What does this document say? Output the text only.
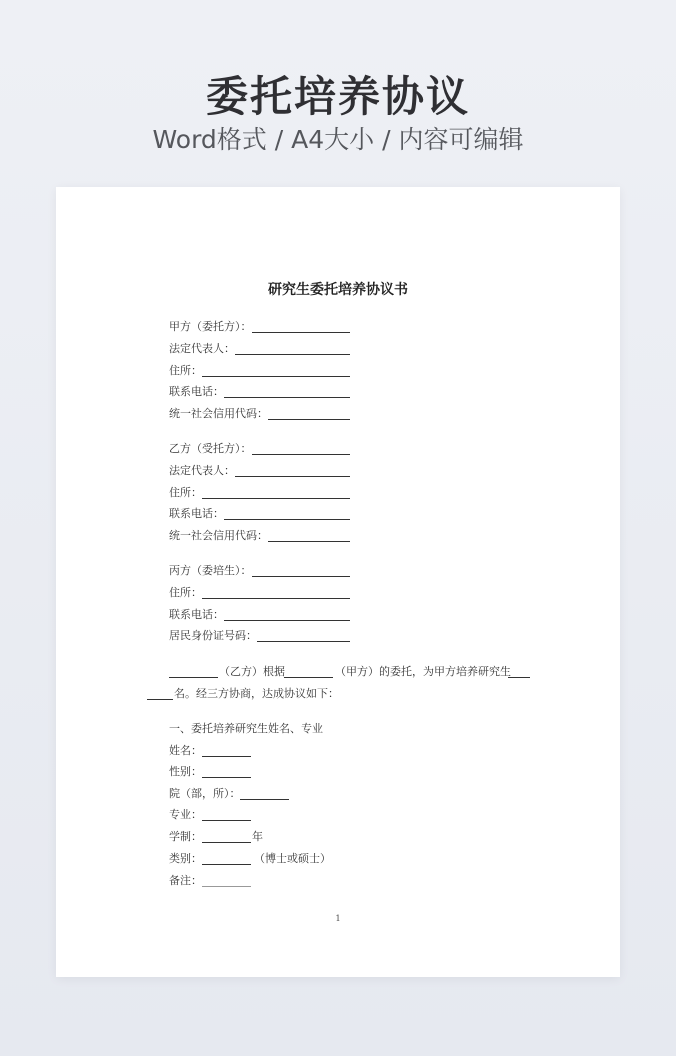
委托培养协议
Word格式 / A4大小 / 内容可编辑
研究生委托培养协议书
甲方（委托方）：
法定代表人：
住所：
联系电话：
统一社会信用代码：
乙方（受托方）：
法定代表人：
住所：
联系电话：
统一社会信用代码：
丙方（委培生）：
住所：
联系电话：
居民身份证号码：
（乙方）根据	（甲方）的委托，为甲方培养研究生
名。经三方协商，达成协议如下：
一、委托培养研究生姓名、专业
姓名：
性别：
院（部，所）：
专业：
学制：	年
类别：	（博士或硕士）
备注：
1
